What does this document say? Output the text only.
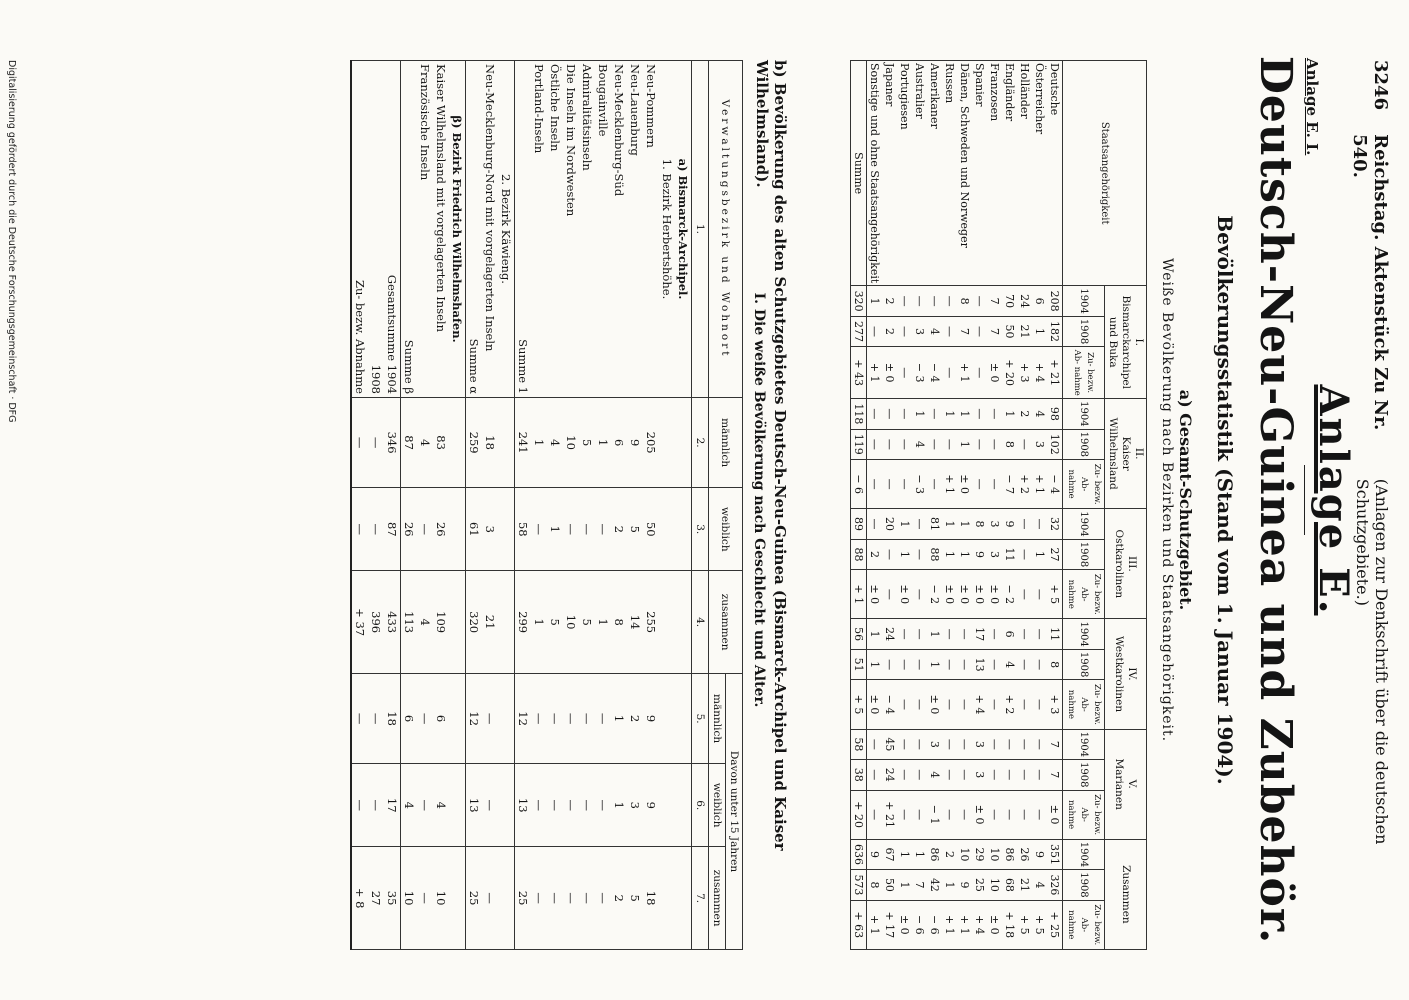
3246
Reichstag. Aktenstück Zu Nr. 540.
(Anlagen zur Denkschrift über die deutschen Schutzgebiete.)
Anlage E.
Anlage E. I.
Deutsch-Neu-Guinea und Zubehör.
Bevölkerungsstatistik (Stand vom 1. Januar 1904).
a) Gesamt-Schutzgebiet.
Weiße Bevölkerung nach Bezirken und Staatsangehörigkeit.
Staatsangehörigkeit	I.
Bismarckarchipel und Buka			II.
Kaiser Wilhelmsland			III.
Ostkarolinen			IV.
Westkarolinen			V.
Marianen			Zusammen		
	1904	1908	Zu- bezw. Ab- nahme	1904	1908	Zu- bezw. Ab- nahme	1904	1908	Zu- bezw. Ab- nahme	1904	1908	Zu- bezw. Ab- nahme	1904	1908	Zu- bezw. Ab- nahme	1904	1908	Zu- bezw. Ab- nahme
Deutsche	208	182	+ 21	98	102	− 4	32	27	+ 5	11	8	+ 3	7	7	± 0	351	326	+ 25
Österreicher	6	1	+ 4	4	3	+ 1	—	1	—	—	—	—	—	—	—	9	4	+ 5
Holländer	24	21	+ 3	2	—	+ 2	—	—	—	—	—	—	—	—	—	26	21	+ 5
Engländer	70	50	+ 20	1	8	− 7	9	11	− 2	6	4	+ 2	—	—	—	86	68	+ 18
Franzosen	7	7	± 0	—	—	—	3	3	± 0	—	—	—	—	—	—	10	10	± 0
Spanier	—	—	—	—	—	—	8	9	± 0	17	13	+ 4	3	3	± 0	29	25	+ 4
Dänen, Schweden und Norweger	8	7	+ 1	1	1	± 0	1	1	± 0	—	—	—	—	—	—	10	9	+ 1
Russen	—	—	—	1	—	+ 1	1	1	± 0	—	—	—	—	—	—	2	1	+ 1
Amerikaner	—	4	− 4	—	—	—	81	88	− 2	1	1	± 0	3	4	− 1	86	42	− 6
Australier	—	3	− 3	1	4	− 3	—	—	—	—	—	—	—	—	—	1	7	− 6
Portugiesen	—	—	—	—	—	—	1	1	± 0	—	—	—	—	—	—	1	1	± 0
Japaner	2	2	± 0	—	—	—	20	—	—	24	—	− 4	45	24	+ 21	67	50	+ 17
Sonstige und ohne Staatsangehörigkeit	1	—	+ 1	—	—	—	—	2	± 0	1	1	± 0	—	—	—	9	8	+ 1
Summe	320	277	+ 43	118	119	− 6	89	88	+ 1	56	51	+ 5	58	38	+ 20	636	573	+ 63
b) Bevölkerung des alten Schutzgebietes Deutsch-Neu-Guinea (Bismarck-Archipel und Kaiser Wilhelmsland).
I. Die weiße Bevölkerung nach Geschlecht und Alter.
Verwaltungsbezirk und Wohnort	männlich	weiblich	zusammen	Davon unter 15 Jahren		
				männlich	weiblich	zusammen
1.	2.	3.	4.	5.	6.	7.
a) Bismarck-Archipel.						
1. Bezirk Herbertshöhe.						
Neu-Pommern	205	50	255	9	9	18
Neu-Lauenburg	9	5	14	2	3	5
Neu-Mecklenburg-Süd	6	2	8	1	1	2
Bougainville	1	—	1	—	—	—
Admiralitätsinseln	5	—	5	—	—	—
Die Inseln im Nordwesten	10	—	10	—	—	—
Östliche Inseln	4	1	5	—	—	—
Portland-Inseln	1	—	1	—	—	—
Summe 1	241	58	299	12	13	25
2. Bezirk Käwieng.						
Neu-Mecklenburg-Nord mit vorgelagerten Inseln	18	3	21	—	—	—
Summe α	259	61	320	12	13	25
β) Bezirk Friedrich Wilhelmshafen.						
Kaiser Wilhelmsland mit vorgelagerten Inseln	83	26	109	6	4	10
Französische Inseln	4	—	4	—	—	—
Summe β	87	26	113	6	4	10
Gesamtsumme 1904	346	87	433	18	17	35
1908	—	—	396	—	—	27
Zu- bezw. Abnahme	—	—	+ 37	—	—	+ 8
Digitalisierung gefördert durch die Deutsche Forschungsgemeinschaft · DFG
